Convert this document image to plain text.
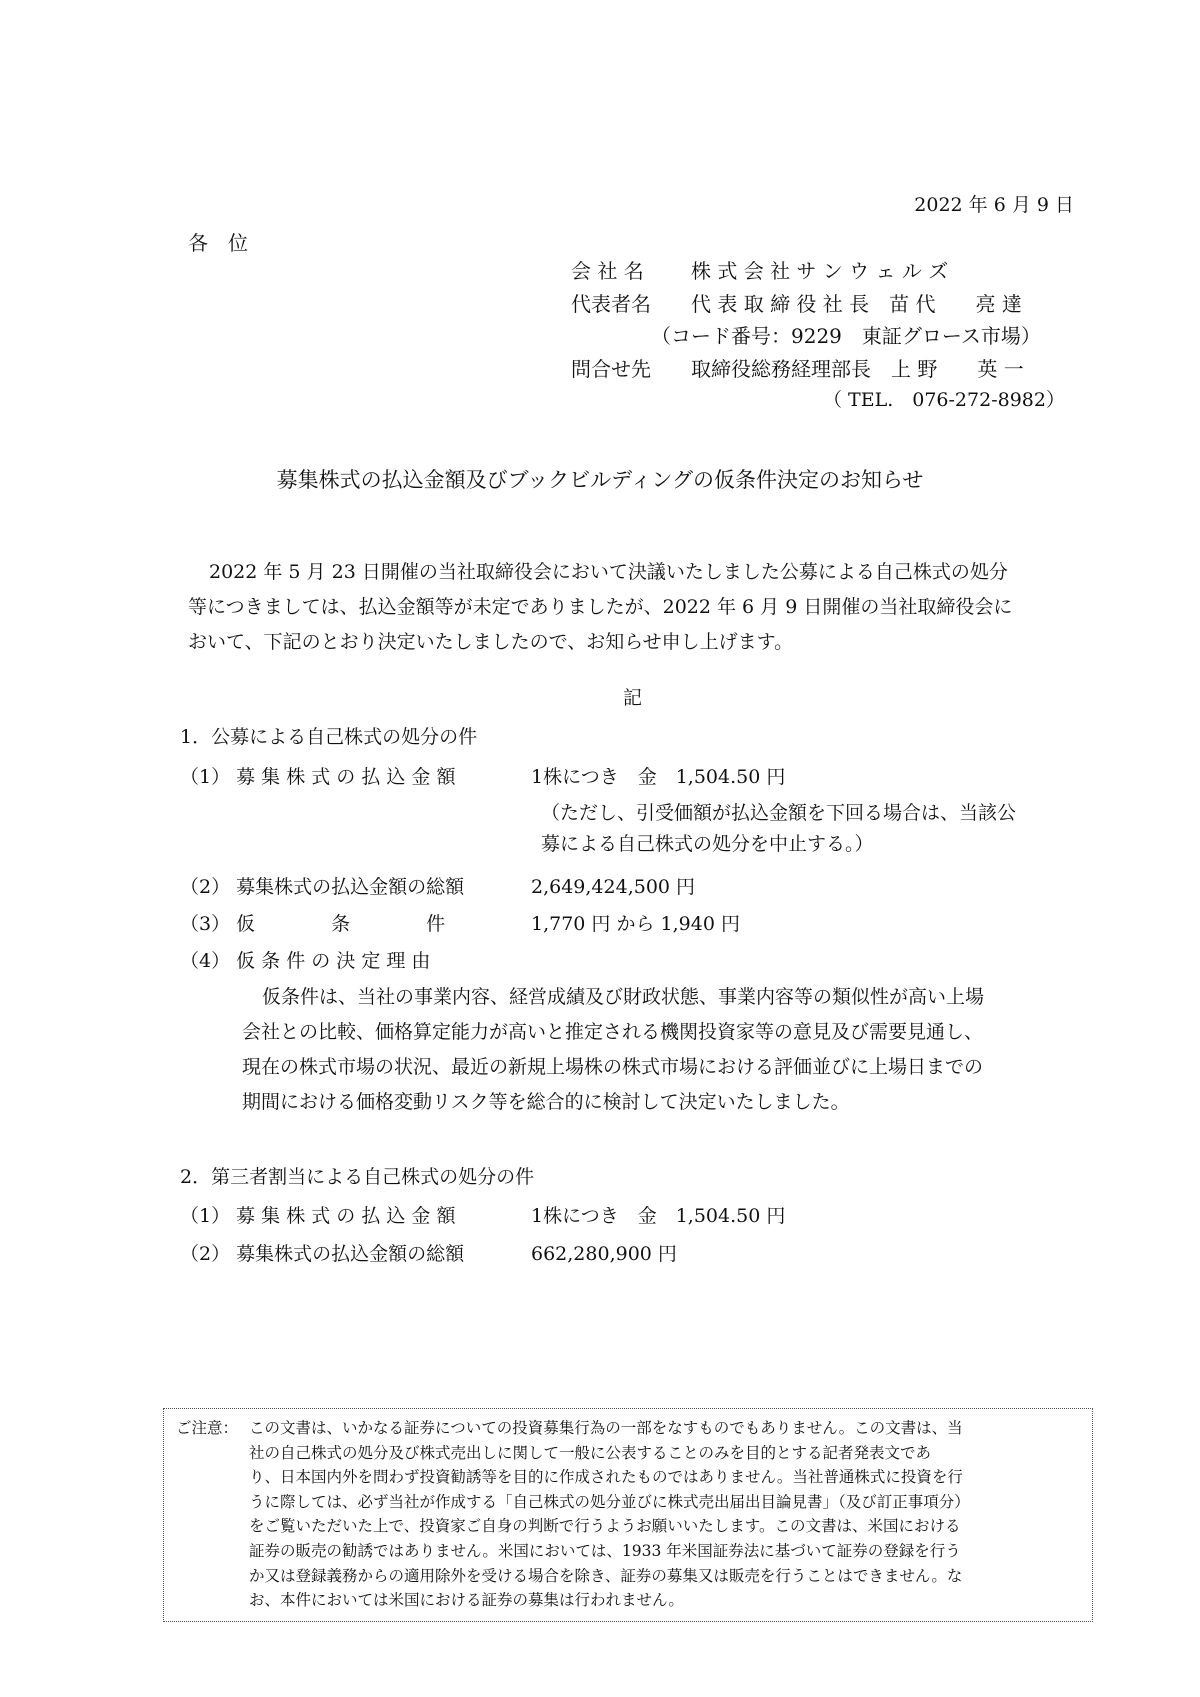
2022 年 6 月 9 日
各　位
会 社 名 株 式 会 社 サ ン ウ ェ ル ズ
代表者名 代 表 取 締 役 社 長　苗 代　　亮 達
（コード番号：9229　東証グロース市場）
問合せ先 取締役総務経理部長　上 野　　英 一
（ TEL.　076-272-8982）
募集株式の払込金額及びブックビルディングの仮条件決定のお知らせ
2022 年 5 月 23 日開催の当社取締役会において決議いたしました公募による自己株式の処分
等につきましては、払込金額等が未定でありましたが、2022 年 6 月 9 日開催の当社取締役会に
おいて、下記のとおり決定いたしましたので、お知らせ申し上げます。
記
1．公募による自己株式の処分の件
（1） 募 集 株 式 の 払 込 金 額	1株につき　金　1,504.50 円
（ただし、引受価額が払込金額を下回る場合は、当該公
募による自己株式の処分を中止する。）
（2） 募集株式の払込金額の総額	2,649,424,500 円
（3） 仮　　　　条　　　　件	1,770 円 から 1,940 円
（4） 仮 条 件 の 決 定 理 由
仮条件は、当社の事業内容、経営成績及び財政状態、事業内容等の類似性が高い上場
会社との比較、価格算定能力が高いと推定される機関投資家等の意見及び需要見通し、
現在の株式市場の状況、最近の新規上場株の株式市場における評価並びに上場日までの
期間における価格変動リスク等を総合的に検討して決定いたしました。
2．第三者割当による自己株式の処分の件
（1） 募 集 株 式 の 払 込 金 額	1株につき　金　1,504.50 円
（2） 募集株式の払込金額の総額	662,280,900 円
ご注意： この文書は、いかなる証券についての投資募集行為の一部をなすものでもありません。この文書は、当
社の自己株式の処分及び株式売出しに関して一般に公表することのみを目的とする記者発表文であ
り、日本国内外を問わず投資勧誘等を目的に作成されたものではありません。当社普通株式に投資を行
うに際しては、必ず当社が作成する「自己株式の処分並びに株式売出届出目論見書」（及び訂正事項分）
をご覧いただいた上で、投資家ご自身の判断で行うようお願いいたします。この文書は、米国における
証券の販売の勧誘ではありません。米国においては、1933 年米国証券法に基づいて証券の登録を行う
か又は登録義務からの適用除外を受ける場合を除き、証券の募集又は販売を行うことはできません。な
お、本件においては米国における証券の募集は行われません。
